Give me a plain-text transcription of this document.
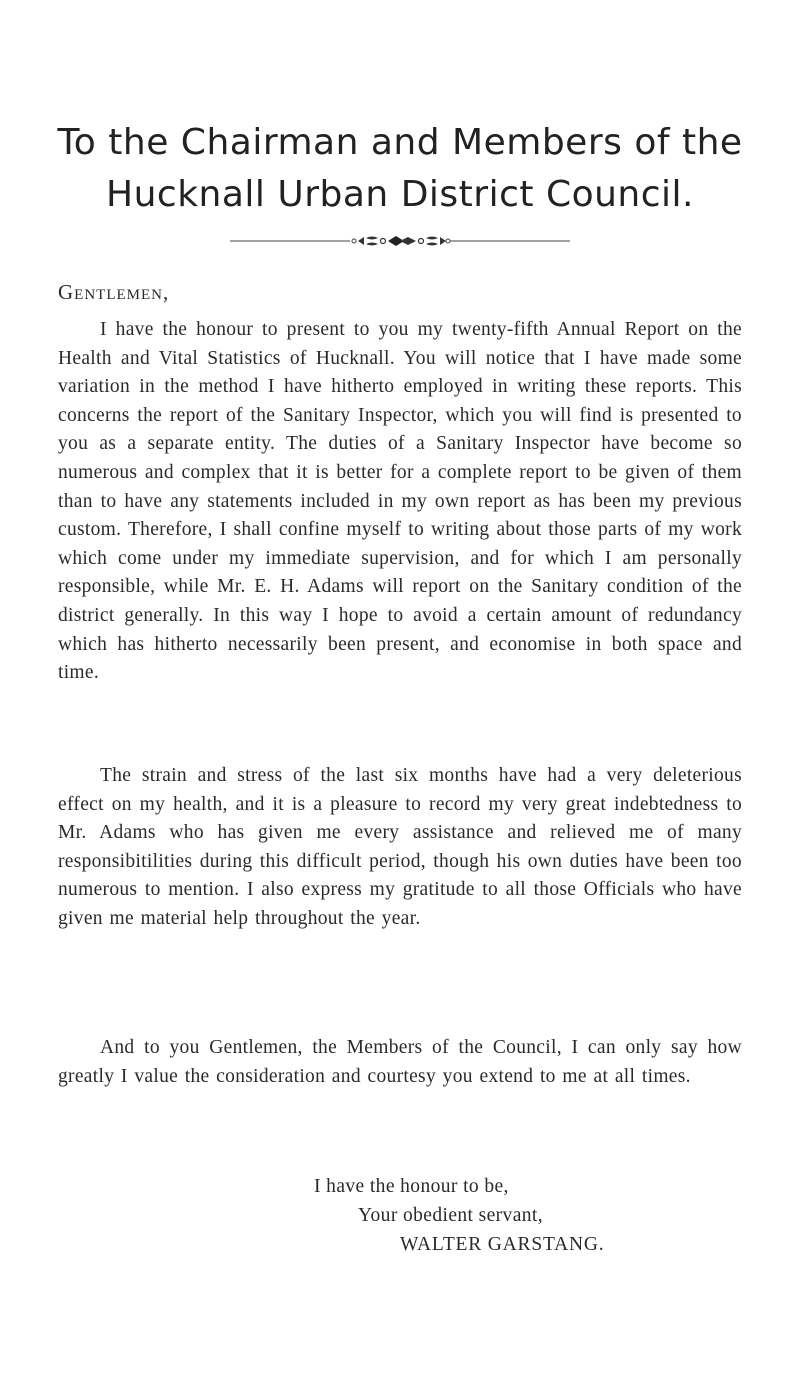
To the Chairman and Members of the
Hucknall Urban District Council.
Gentlemen,
I have the honour to present to you my twenty-fifth Annual Report on the Health and Vital Statistics of Hucknall. You will notice that I have made some variation in the method I have hitherto employed in writing these reports. This concerns the report of the Sanitary Inspector, which you will find is presented to you as a separate entity. The duties of a Sanitary Inspector have become so numerous and complex that it is better for a complete report to be given of them than to have any statements included in my own report as has been my previous custom. Therefore, I shall confine myself to writing about those parts of my work which come under my immediate supervision, and for which I am personally responsible, while Mr. E. H. Adams will report on the Sanitary condition of the district generally. In this way I hope to avoid a certain amount of redundancy which has hitherto necessarily been present, and economise in both space and time.
The strain and stress of the last six months have had a very deleterious effect on my health, and it is a pleasure to record my very great indebtedness to Mr. Adams who has given me every assistance and relieved me of many responsibitilities during this difficult period, though his own duties have been too numerous to mention. I also express my gratitude to all those Officials who have given me material help throughout the year.
And to you Gentlemen, the Members of the Council, I can only say how greatly I value the consideration and courtesy you extend to me at all times.
I have the honour to be,
Your obedient servant,
WALTER GARSTANG.
